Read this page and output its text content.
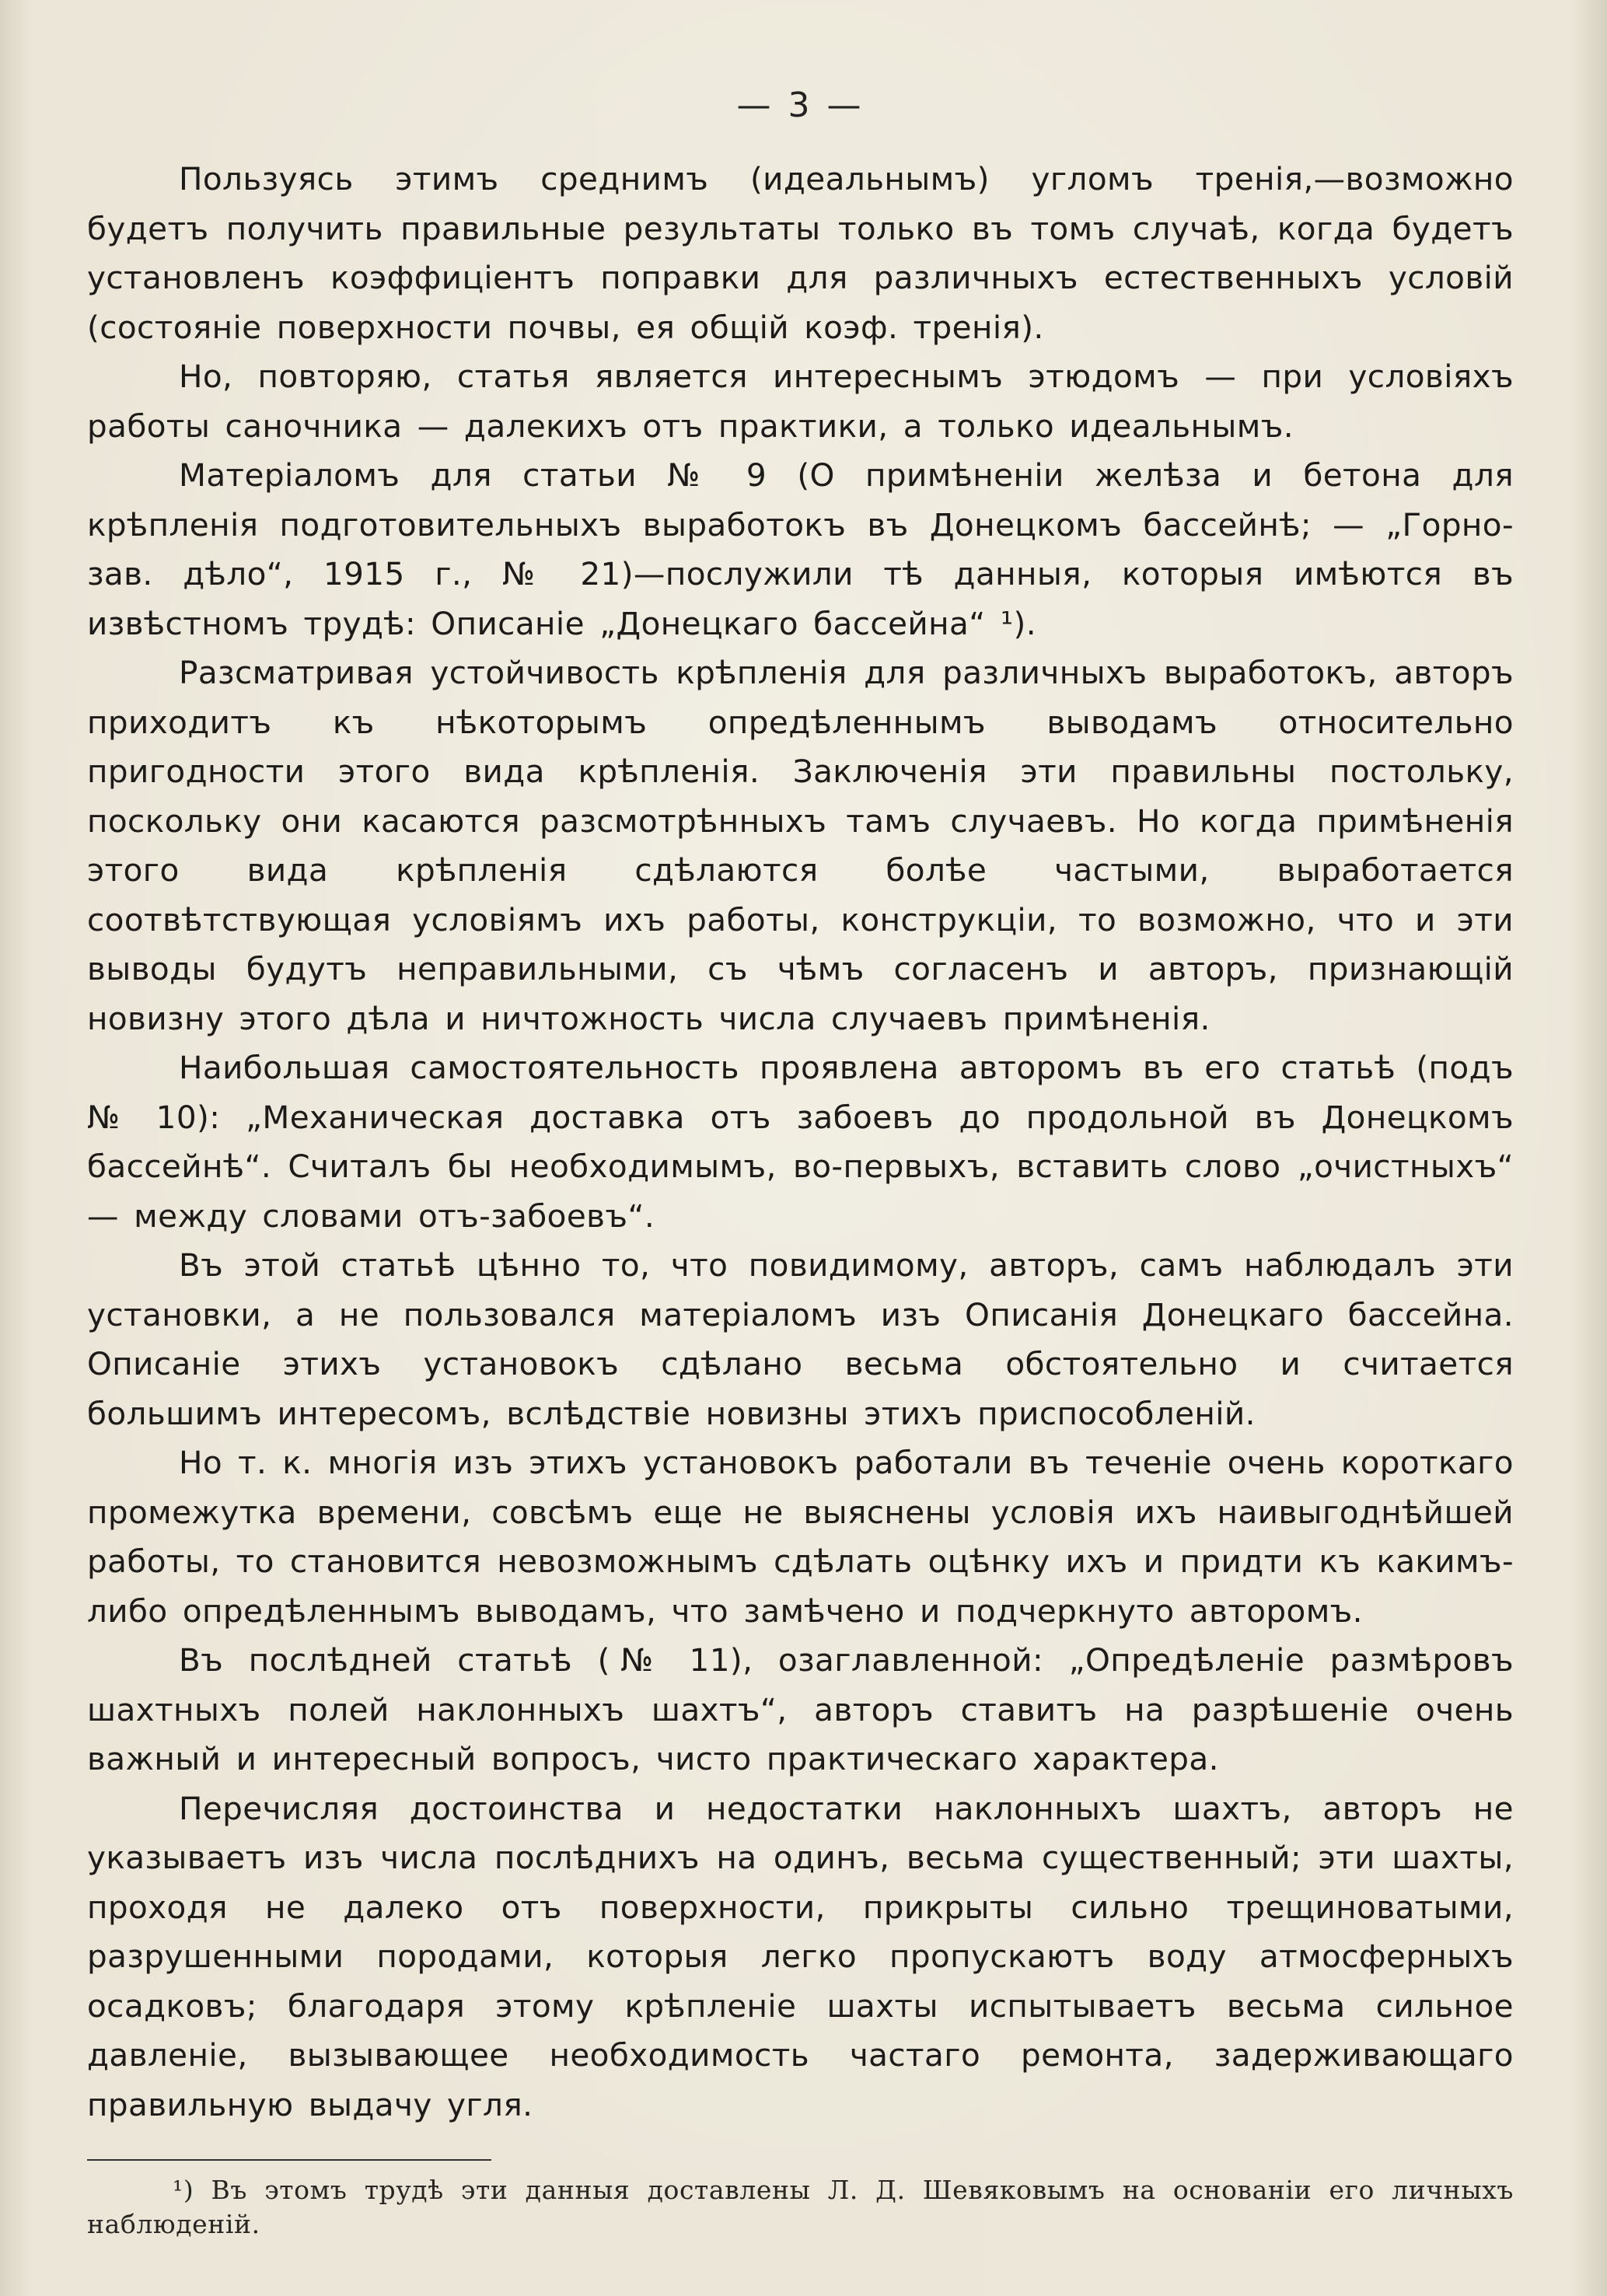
— 3 —

Пользуясь этимъ среднимъ (идеальнымъ) угломъ тренія,—возможно будетъ получить правильные результаты только въ томъ случаѣ, когда будетъ установленъ коэффиціентъ поправки для различныхъ естественныхъ условій (состояніе поверхности почвы, ея общій коэф. тренія).

Но, повторяю, статья является интереснымъ этюдомъ — при условіяхъ работы саночника — далекихъ отъ практики, а только идеальнымъ.

Матеріаломъ для статьи № 9 (О примѣненіи желѣза и бетона для крѣпленія подготовительныхъ выработокъ въ Донецкомъ бассейнѣ; — „Горно-зав. дѣло“, 1915 г., № 21)—послужили тѣ данныя, которыя имѣются въ извѣстномъ трудѣ: Описаніе „Донецкаго бассейна“ ¹).

Разсматривая устойчивость крѣпленія для различныхъ выработокъ, авторъ приходитъ къ нѣкоторымъ опредѣленнымъ выводамъ относительно пригодности этого вида крѣпленія. Заключенія эти правильны постольку, поскольку они касаются разсмотрѣнныхъ тамъ случаевъ. Но когда примѣненія этого вида крѣпленія сдѣлаются болѣе частыми, выработается соотвѣтствующая условіямъ ихъ работы, конструкціи, то возможно, что и эти выводы будутъ неправильными, съ чѣмъ согласенъ и авторъ, признающій новизну этого дѣла и ничтожность числа случаевъ примѣненія.

Наибольшая самостоятельность проявлена авторомъ въ его статьѣ (подъ № 10): „Механическая доставка отъ забоевъ до продольной въ Донецкомъ бассейнѣ“. Считалъ бы необходимымъ, во-первыхъ, вставить слово „очистныхъ“ — между словами отъ-забоевъ“.

Въ этой статьѣ цѣнно то, что повидимому, авторъ, самъ наблюдалъ эти установки, а не пользовался матеріаломъ изъ Описанія Донецкаго бассейна. Описаніе этихъ установокъ сдѣлано весьма обстоятельно и считается большимъ интересомъ, вслѣдствіе новизны этихъ приспособленій.

Но т. к. многія изъ этихъ установокъ работали въ теченіе очень короткаго промежутка времени, совсѣмъ еще не выяснены условія ихъ наивыгоднѣйшей работы, то становится невозможнымъ сдѣлать оцѣнку ихъ и придти къ какимъ-либо опредѣленнымъ выводамъ, что замѣчено и подчеркнуто авторомъ.

Въ послѣдней статьѣ (№ 11), озаглавленной: „Опредѣленіе размѣровъ шахтныхъ полей наклонныхъ шахтъ“, авторъ ставитъ на разрѣшеніе очень важный и интересный вопросъ, чисто практическаго характера.

Перечисляя достоинства и недостатки наклонныхъ шахтъ, авторъ не указываетъ изъ числа послѣднихъ на одинъ, весьма существенный; эти шахты, проходя не далеко отъ поверхности, прикрыты сильно трещиноватыми, разрушенными породами, которыя легко пропускаютъ воду атмосферныхъ осадковъ; благодаря этому крѣпленіе шахты испытываетъ весьма сильное давленіе, вызывающее необходимость частаго ремонта, задерживающаго правильную выдачу угля.

¹) Въ этомъ трудѣ эти данныя доставлены Л. Д. Шевяковымъ на основаніи его личныхъ наблюденій.
